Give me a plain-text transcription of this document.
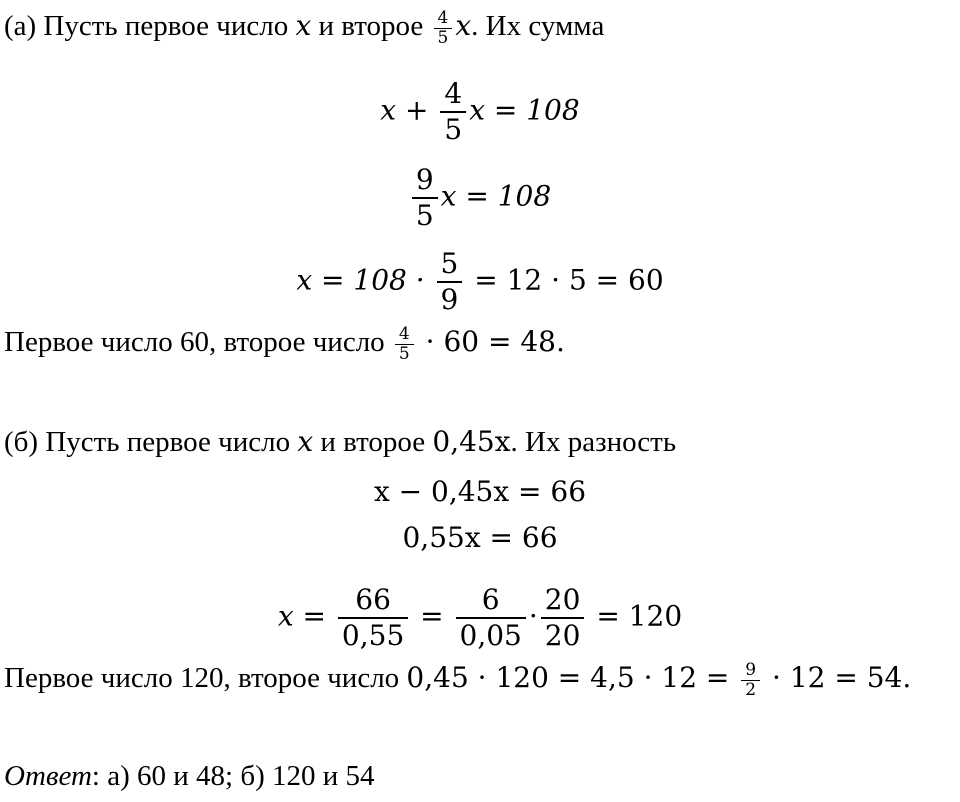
(а) Пусть первое число x и второе $\frac{4}{5} x$. Их сумма
$x + \frac{4}{5}$ x = 108
$\frac{9}{5}$ x = 108
$x = 108 \cdot \frac{5}{9} = 12 \cdot 5 = 60$
Первое число 60, второе число $\frac{4}{5} \cdot 60 = 48$.
(б) Пусть первое число x и второе 0,45x. Их разность
x − 0,45x = 66
0,55x = 66
$x = \frac{66}{0,55} = \frac{6}{0,05} \cdot \frac{20}{20} = 120$
Первое число 120, второе число $0,45 \cdot 120 = 4,5 \cdot 12 = \frac{9}{2} \cdot 12 = 54$.
Ответ: а) 60 и 48; б) 120 и 54
